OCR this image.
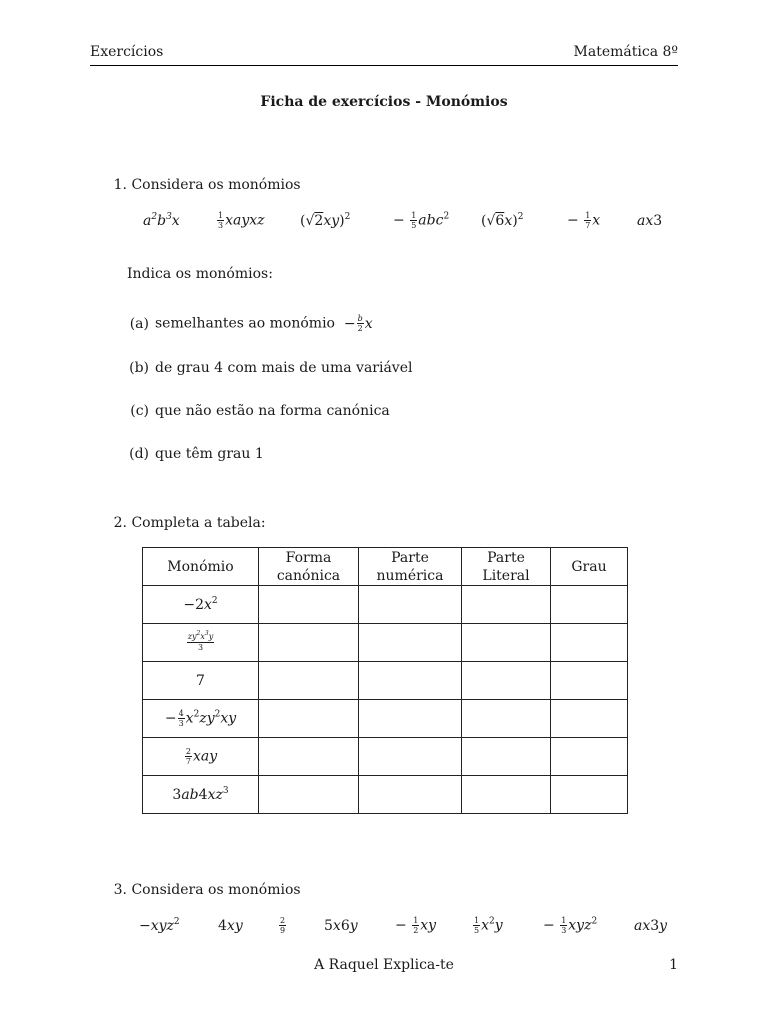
Exercícios	Matemática 8º
Ficha de exercícios - Monómios
1. Considera os monómios
$a^2b^3x$	$\frac{1}{3}$ xayxz	$(√2xy)^2$	− $\frac{1}{5} abc^2$ $(√6x)^2$	− $\frac{1}{7}$ x	ax3
Indica os monómios:
(a) semelhantes ao monómio − $\frac{b}{2}$ x
(b) de grau 4 com mais de uma variável
(c) que não estão na forma canónica
(d) que têm grau 1
2. Completa a tabela:
Monómio	Forma canónica	Parte numérica	Parte Literal	Grau
$-2x^2$				

$\frac{zy^2x^3y}{3}$

7				
− $\frac{4}{3} x^2zy^2xy$				

$\frac{2}{7}$ xay				
$3ab4xz^3$				
3. Considera os monómios
−xyz$^2$	4xy	$\frac{2}{9}$	5x6y	− $\frac{1}{2}$ xy	$\frac{1}{5} x^2y$	− $\frac{1}{3} xyz^2$	ax3y
A Raquel Explica-te	1
